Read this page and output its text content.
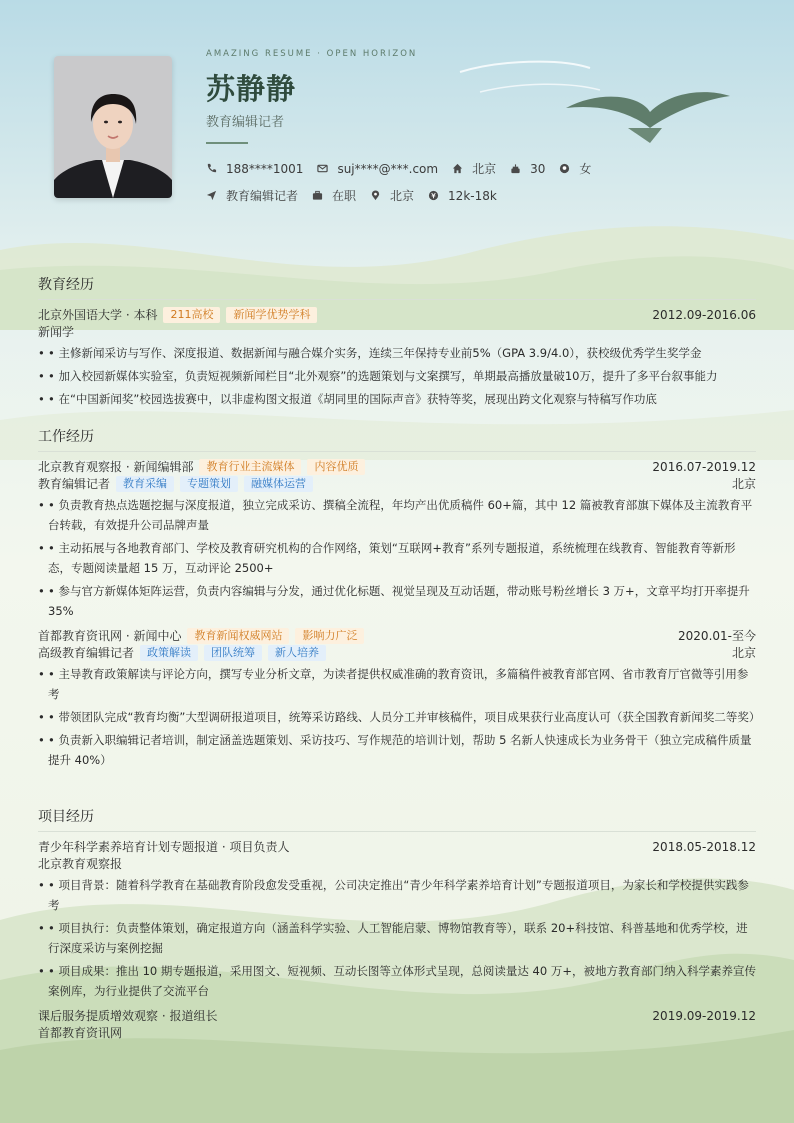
AMAZING RESUME · OPEN HORIZON
苏静静
教育编辑记者
188****1001	suj****@***.com	北京	30	女
教育编辑记者	在职	北京	12k-18k
教育经历
北京外国语大学 · 本科	211高校	新闻学优势学科	2012.09-2016.06
新闻学
• • 主修新闻采访与写作、深度报道、数据新闻与融合媒介实务，连续三年保持专业前5%（GPA 3.9/4.0），获校级优秀学生奖学金
• • 加入校园新媒体实验室，负责短视频新闻栏目“北外观察”的选题策划与文案撰写，单期最高播放量破10万，提升了多平台叙事能力
• • 在“中国新闻奖”校园选拔赛中，以非虚构图文报道《胡同里的国际声音》获特等奖，展现出跨文化观察与特稿写作功底
工作经历
北京教育观察报 · 新闻编辑部	教育行业主流媒体	内容优质	2016.07-2019.12
教育编辑记者	教育采编	专题策划	融媒体运营	北京
• • 负责教育热点选题挖掘与深度报道，独立完成采访、撰稿全流程，年均产出优质稿件 60+篇，其中 12 篇被教育部旗下媒体及主流教育平台转载，有效提升公司品牌声量
• • 主动拓展与各地教育部门、学校及教育研究机构的合作网络，策划“互联网+教育”系列专题报道，系统梳理在线教育、智能教育等新形态，专题阅读量超 15 万，互动评论 2500+
• • 参与官方新媒体矩阵运营，负责内容编辑与分发，通过优化标题、视觉呈现及互动话题，带动账号粉丝增长 3 万+，文章平均打开率提升 35%
首都教育资讯网 · 新闻中心	教育新闻权威网站	影响力广泛	2020.01-至今
高级教育编辑记者	政策解读	团队统筹	新人培养	北京
• • 主导教育政策解读与评论方向，撰写专业分析文章，为读者提供权威准确的教育资讯，多篇稿件被教育部官网、省市教育厅官微等引用参考
• • 带领团队完成“教育均衡”大型调研报道项目，统筹采访路线、人员分工并审核稿件，项目成果获行业高度认可（获全国教育新闻奖二等奖）
• • 负责新入职编辑记者培训，制定涵盖选题策划、采访技巧、写作规范的培训计划，帮助 5 名新人快速成长为业务骨干（独立完成稿件质量提升 40%）
项目经历
青少年科学素养培育计划专题报道 · 项目负责人	2018.05-2018.12
北京教育观察报
• • 项目背景：随着科学教育在基础教育阶段愈发受重视，公司决定推出“青少年科学素养培育计划”专题报道项目，为家长和学校提供实践参考
• • 项目执行：负责整体策划，确定报道方向（涵盖科学实验、人工智能启蒙、博物馆教育等），联系 20+科技馆、科普基地和优秀学校，进行深度采访与案例挖掘
• • 项目成果：推出 10 期专题报道，采用图文、短视频、互动长图等立体形式呈现，总阅读量达 40 万+，被地方教育部门纳入科学素养宣传案例库，为行业提供了交流平台
课后服务提质增效观察 · 报道组长	2019.09-2019.12
首都教育资讯网
